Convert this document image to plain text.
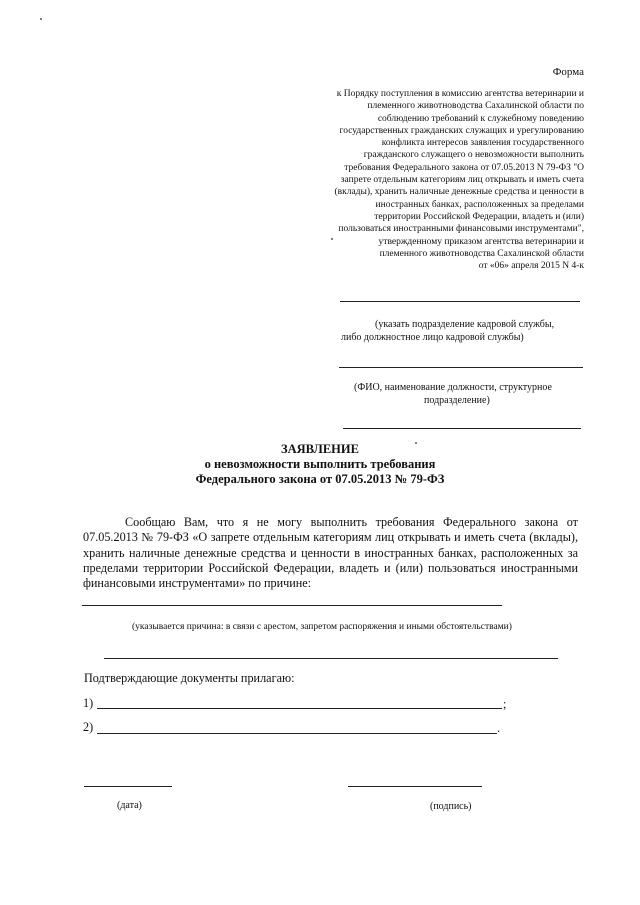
Форма
к Порядку поступления в комиссию агентства ветеринарии и
племенного животноводства Сахалинской области по
соблюдению требований к служебному поведению
государственных гражданских служащих и урегулированию
конфликта интересов заявления государственного
гражданского служащего о невозможности выполнить
требования Федерального закона от 07.05.2013 N 79-ФЗ "О
запрете отдельным категориям лиц открывать и иметь счета
(вклады), хранить наличные денежные средства и ценности в
иностранных банках, расположенных за пределами
территории Российской Федерации, владеть и (или)
пользоваться иностранными финансовыми инструментами",
утвержденному приказом агентства ветеринарии и
племенного животноводства Сахалинской области
от «06» апреля 2015 N 4-к
(указать подразделение кадровой службы,
либо должностное лицо кадровой службы)
(ФИО, наименование должности, структурное
подразделение)
ЗАЯВЛЕНИЕ
о невозможности выполнить требования
Федерального закона от 07.05.2013 № 79-ФЗ
Сообщаю Вам, что я не могу выполнить требования Федерального закона от 07.05.2013 № 79-ФЗ «О запрете отдельным категориям лиц открывать и иметь счета (вклады), хранить наличные денежные средства и ценности в иностранных банках, расположенных за пределами территории Российской Федерации, владеть и (или) пользоваться иностранными финансовыми инструментами» по причине:
(указывается причина: в связи с арестом, запретом распоряжения и иными обстоятельствами)
Подтверждающие документы прилагаю:
1)	;
2)	.
(дата)	(подпись)
